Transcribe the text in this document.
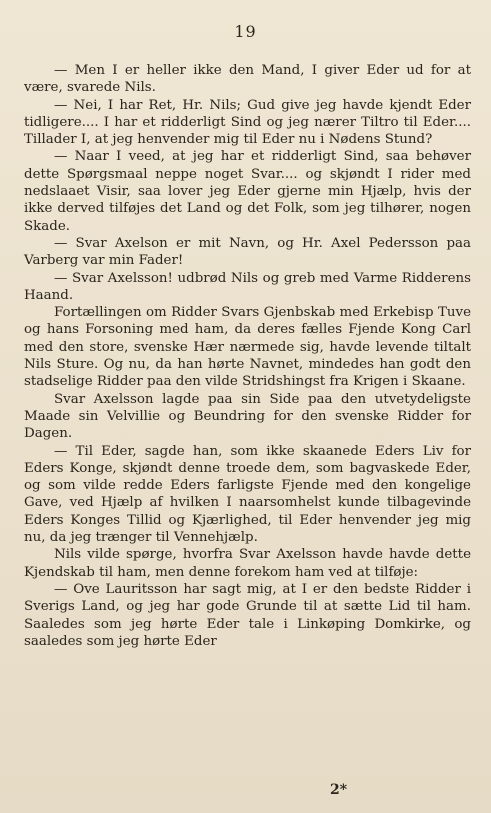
19

— Men I er heller ikke den Mand, I giver Eder ud for at være, svarede Nils.

— Nei, I har Ret, Hr. Nils; Gud give jeg havde kjendt Eder tidligere.... I har et ridderligt Sind og jeg nærer Tiltro til Eder.... Tillader I, at jeg henvender mig til Eder nu i Nødens Stund?

— Naar I veed, at jeg har et ridderligt Sind, saa behøver dette Spørgsmaal neppe noget Svar.... og skjøndt I rider med nedslaaet Visir, saa lover jeg Eder gjerne min Hjælp, hvis der ikke derved tilføjes det Land og det Folk, som jeg tilhører, nogen Skade.

— Svar Axelson er mit Navn, og Hr. Axel Pedersson paa Varberg var min Fader!

— Svar Axelsson! udbrød Nils og greb med Varme Ridderens Haand.

Fortællingen om Ridder Svars Gjenbskab med Erkebisp Tuve og hans Forsoning med ham, da deres fælles Fjende Kong Carl med den store, svenske Hær nærmede sig, havde levende tiltalt Nils Sture. Og nu, da han hørte Navnet, mindedes han godt den stadselige Ridder paa den vilde Stridshingst fra Krigen i Skaane.

Svar Axelsson lagde paa sin Side paa den utvetydeligste Maade sin Velvillie og Beundring for den svenske Ridder for Dagen.

— Til Eder, sagde han, som ikke skaanede Eders Liv for Eders Konge, skjøndt denne troede dem, som bagvaskede Eder, og som vilde redde Eders farligste Fjende med den kongelige Gave, ved Hjælp af hvilken I naarsomhelst kunde tilbagevinde Eders Konges Tillid og Kjærlighed, til Eder henvender jeg mig nu, da jeg trænger til Vennehjælp.

Nils vilde spørge, hvorfra Svar Axelsson havde havde dette Kjendskab til ham, men denne forekom ham ved at tilføje:

— Ove Lauritsson har sagt mig, at I er den bedste Ridder i Sverigs Land, og jeg har gode Grunde til at sætte Lid til ham. Saaledes som jeg hørte Eder tale i Linkøping Domkirke, og saaledes som jeg hørte Eder

2*
